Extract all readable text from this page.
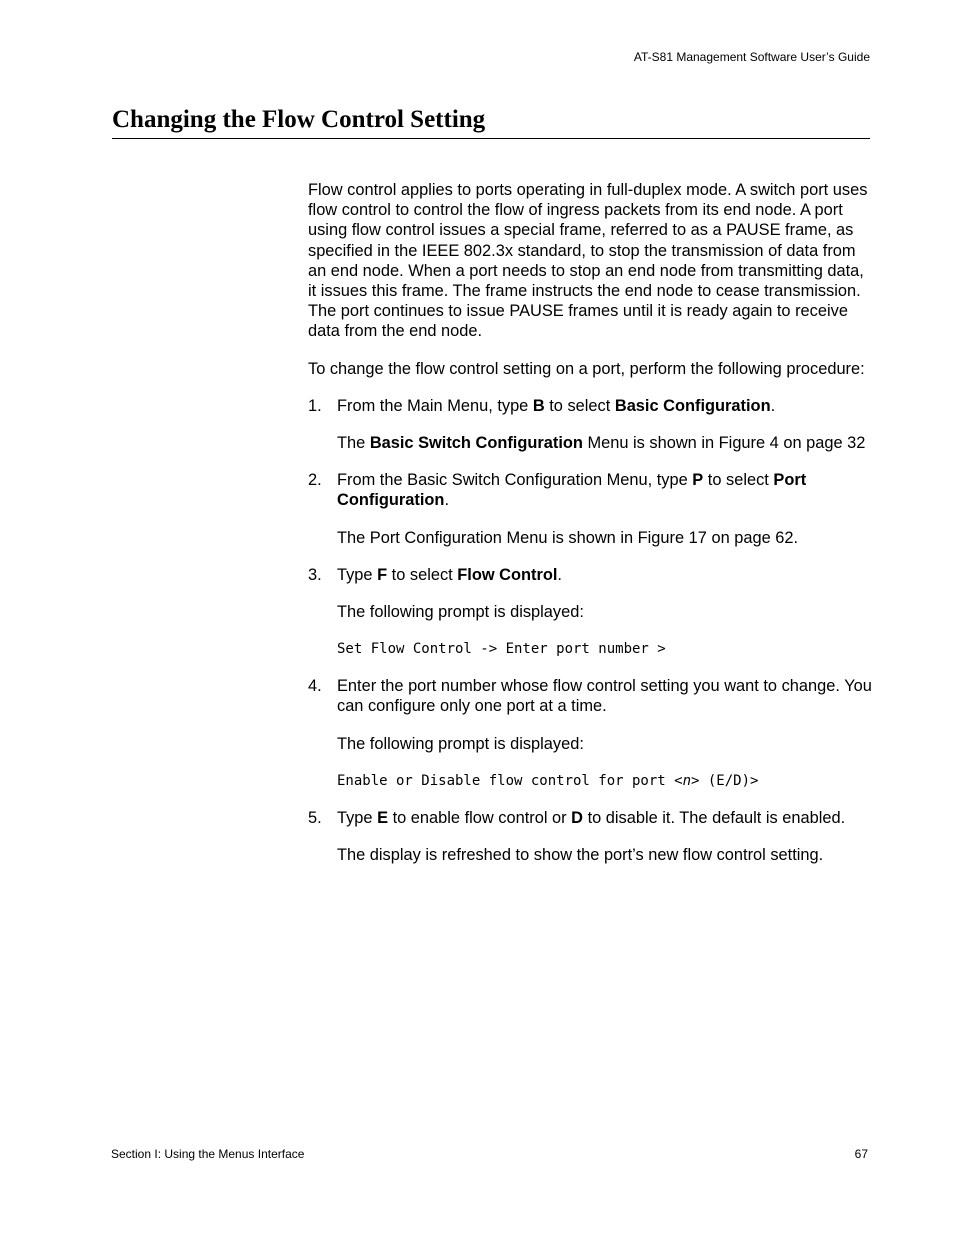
AT-S81 Management Software User’s Guide
Changing the Flow Control Setting

Flow control applies to ports operating in full-duplex mode. A switch port uses flow control to control the flow of ingress packets from its end node. A port using flow control issues a special frame, referred to as a PAUSE frame, as specified in the IEEE 802.3x standard, to stop the transmission of data from an end node. When a port needs to stop an end node from transmitting data, it issues this frame. The frame instructs the end node to cease transmission. The port continues to issue PAUSE frames until it is ready again to receive data from the end node.

To change the flow control setting on a port, perform the following procedure:

1. From the Main Menu, type B to select Basic Configuration.
The Basic Switch Configuration Menu is shown in Figure 4 on page 32
2. From the Basic Switch Configuration Menu, type P to select Port Configuration.
The Port Configuration Menu is shown in Figure 17 on page 62.
3. Type F to select Flow Control.
The following prompt is displayed:
Set Flow Control -> Enter port number >
4. Enter the port number whose flow control setting you want to change. You can configure only one port at a time.
The following prompt is displayed:
Enable or Disable flow control for port <n> (E/D)>
5. Type E to enable flow control or D to disable it. The default is enabled.
The display is refreshed to show the port’s new flow control setting.
Section I: Using the Menus Interface	67
